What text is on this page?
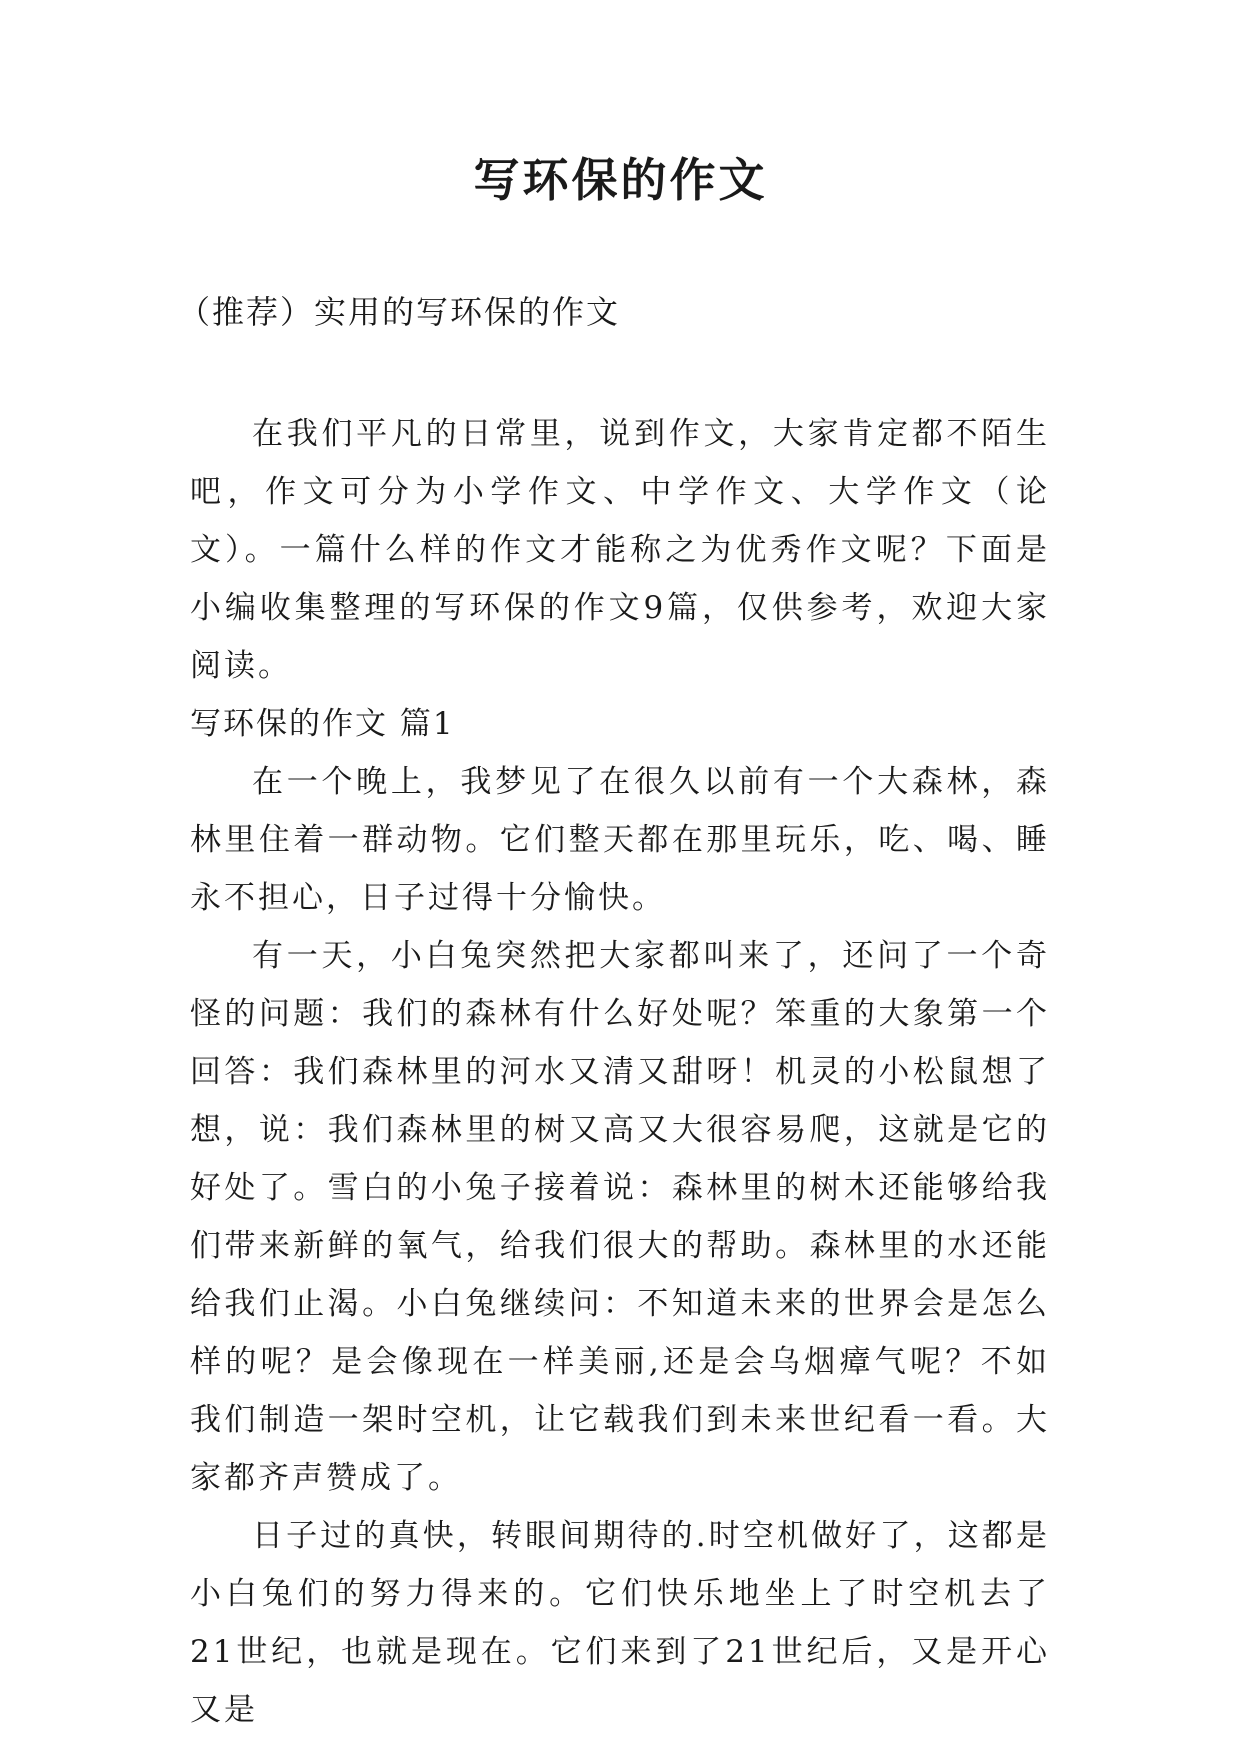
写环保的作文
（推荐）实用的写环保的作文

在我们平凡的日常里，说到作文，大家肯定都不陌生吧，作文可分为小学作文、中学作文、大学作文（论文）。一篇什么样的作文才能称之为优秀作文呢？下面是小编收集整理的写环保的作文9篇，仅供参考，欢迎大家阅读。

写环保的作文 篇1

在一个晚上，我梦见了在很久以前有一个大森林，森林里住着一群动物。它们整天都在那里玩乐，吃、喝、睡永不担心，日子过得十分愉快。

有一天，小白兔突然把大家都叫来了，还问了一个奇怪的问题：我们的森林有什么好处呢？笨重的大象第一个回答：我们森林里的河水又清又甜呀！机灵的小松鼠想了想，说：我们森林里的树又高又大很容易爬，这就是它的好处了。雪白的小兔子接着说：森林里的树木还能够给我们带来新鲜的氧气，给我们很大的帮助。森林里的水还能给我们止渴。小白兔继续问：不知道未来的世界会是怎么样的呢？是会像现在一样美丽,还是会乌烟瘴气呢？不如我们制造一架时空机，让它载我们到未来世纪看一看。大家都齐声赞成了。

日子过的真快，转眼间期待的.时空机做好了，这都是小白兔们的努力得来的。它们快乐地坐上了时空机去了21世纪，也就是现在。它们来到了21世纪后，又是开心又是
